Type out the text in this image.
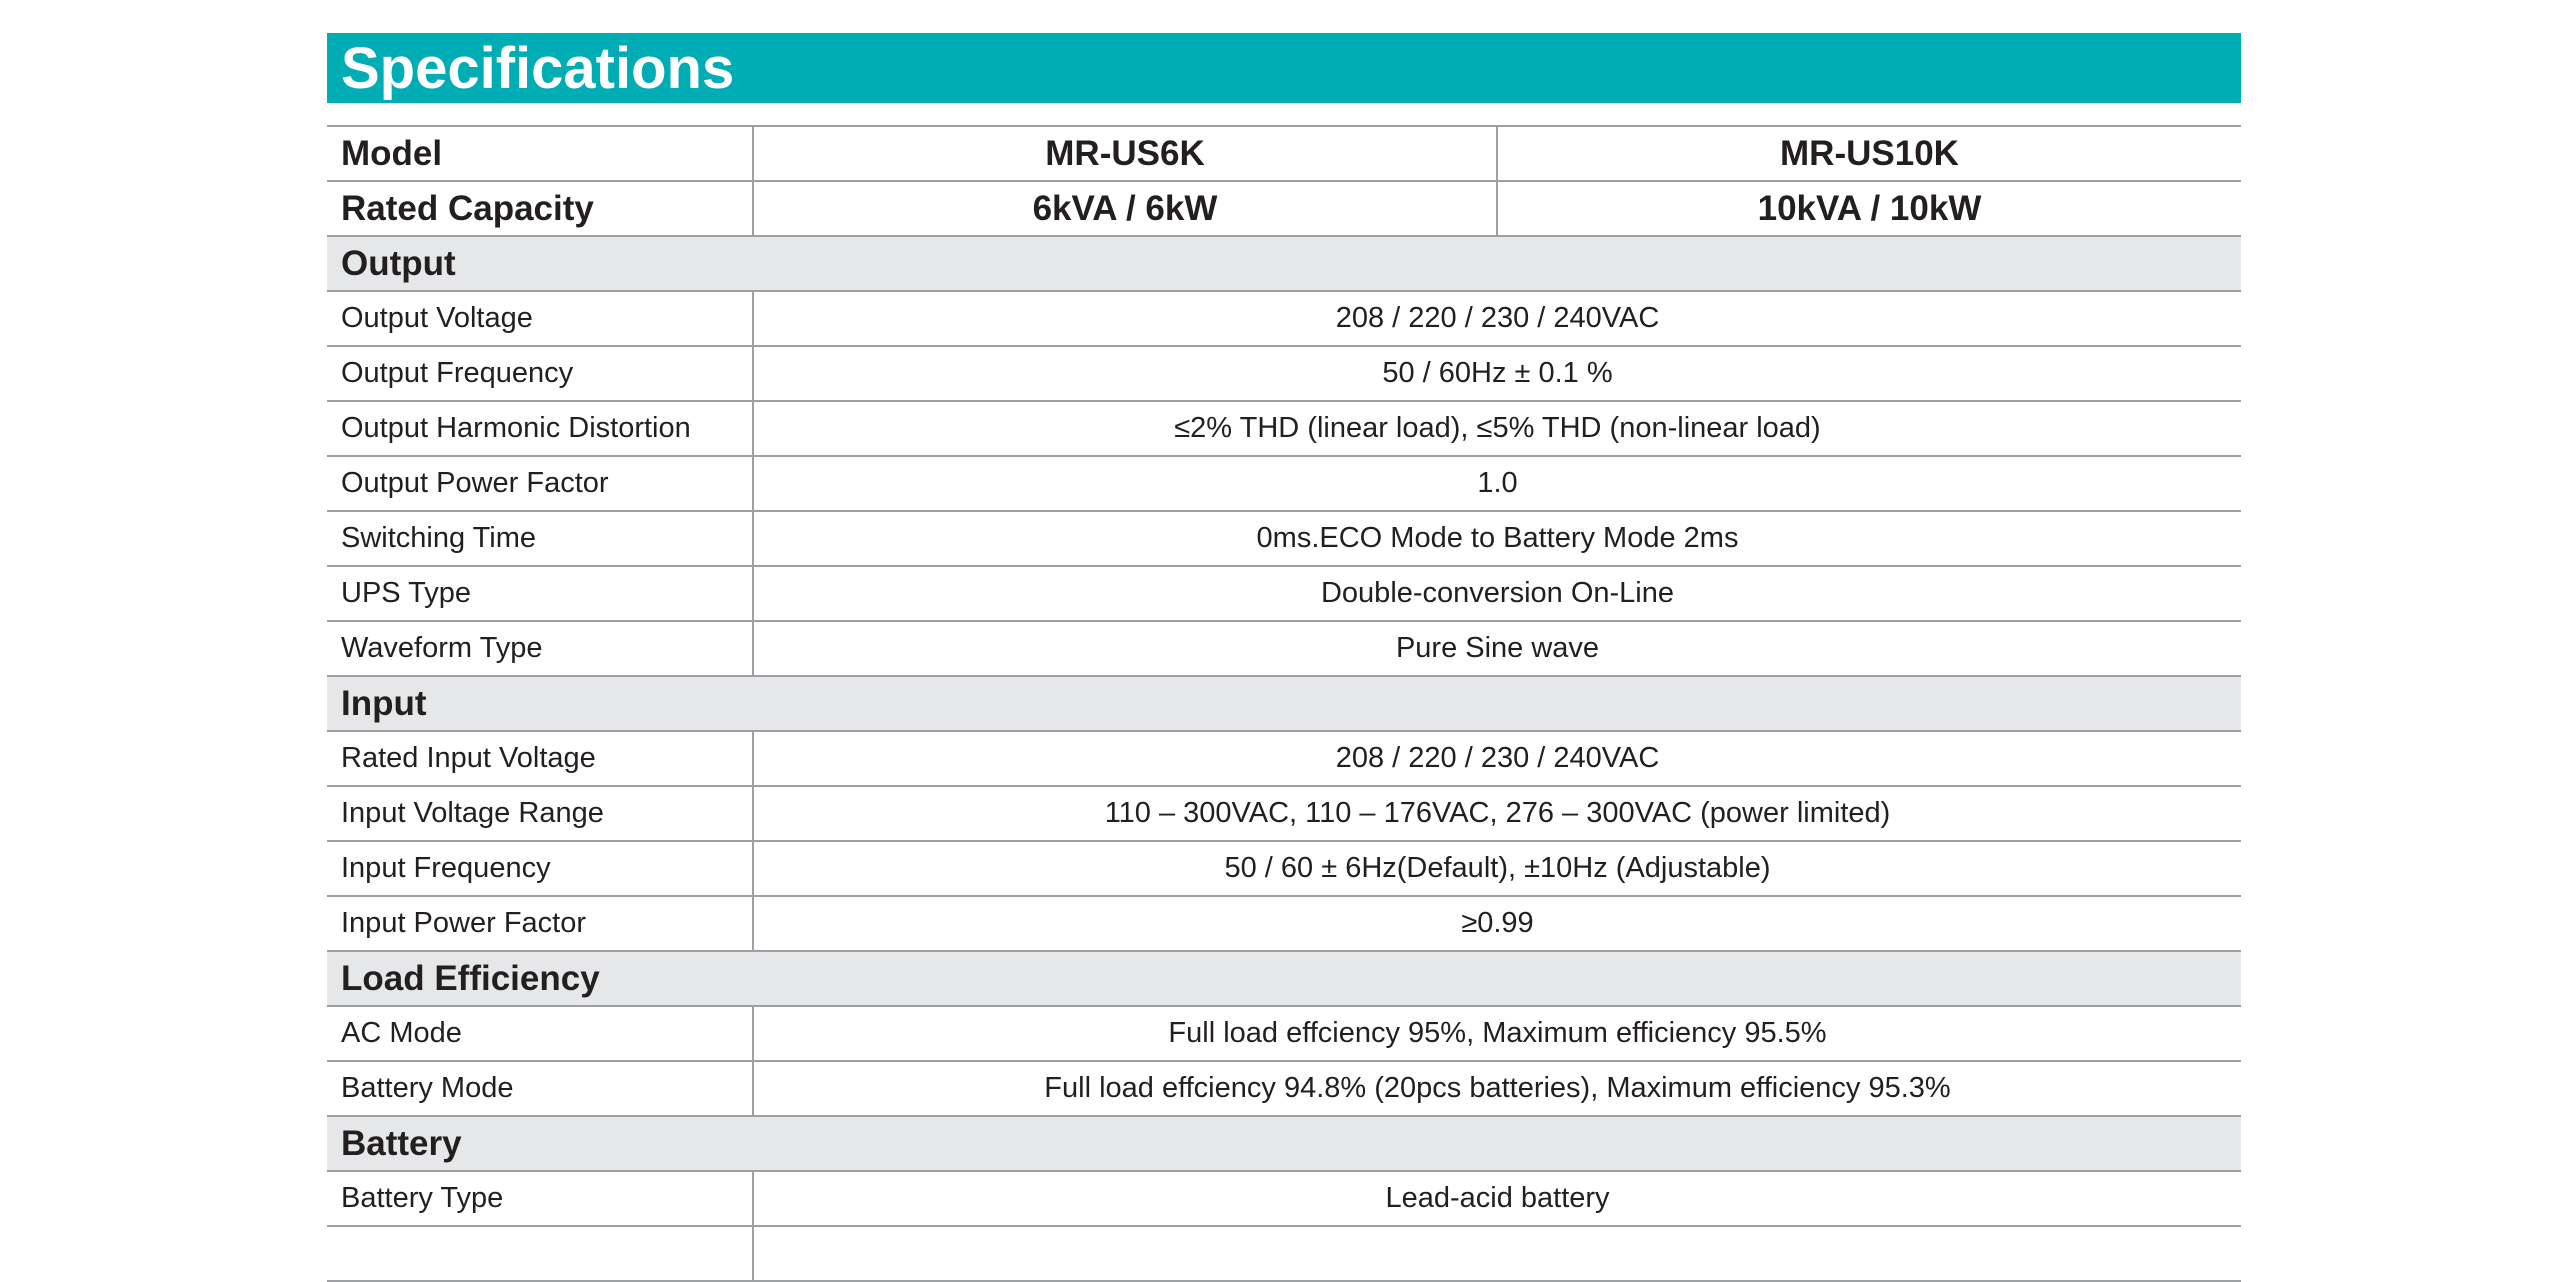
Specifications
Model	MR-US6K	MR-US10K
Rated Capacity	6kVA / 6kW	10kVA / 10kW
Output		
Output Voltage	208 / 220 / 230 / 240VAC	
Output Frequency	50 / 60Hz ± 0.1 %	
Output Harmonic Distortion	≤2% THD (linear load), ≤5% THD (non-linear load)	
Output Power Factor	1.0	
Switching Time	0ms.ECO Mode to Battery Mode 2ms	
UPS Type	Double-conversion On-Line	
Waveform Type	Pure Sine wave	
Input		
Rated Input Voltage	208 / 220 / 230 / 240VAC	
Input Voltage Range	110 – 300VAC, 110 – 176VAC, 276 – 300VAC (power limited)	
Input Frequency	50 / 60 ± 6Hz(Default), ±10Hz (Adjustable)	
Input Power Factor	≥0.99	
Load Efficiency		
AC Mode	Full load effciency 95%, Maximum efficiency 95.5%	
Battery Mode	Full load effciency 94.8% (20pcs batteries), Maximum efficiency 95.3%	
Battery		
Battery Type	Lead-acid battery	
